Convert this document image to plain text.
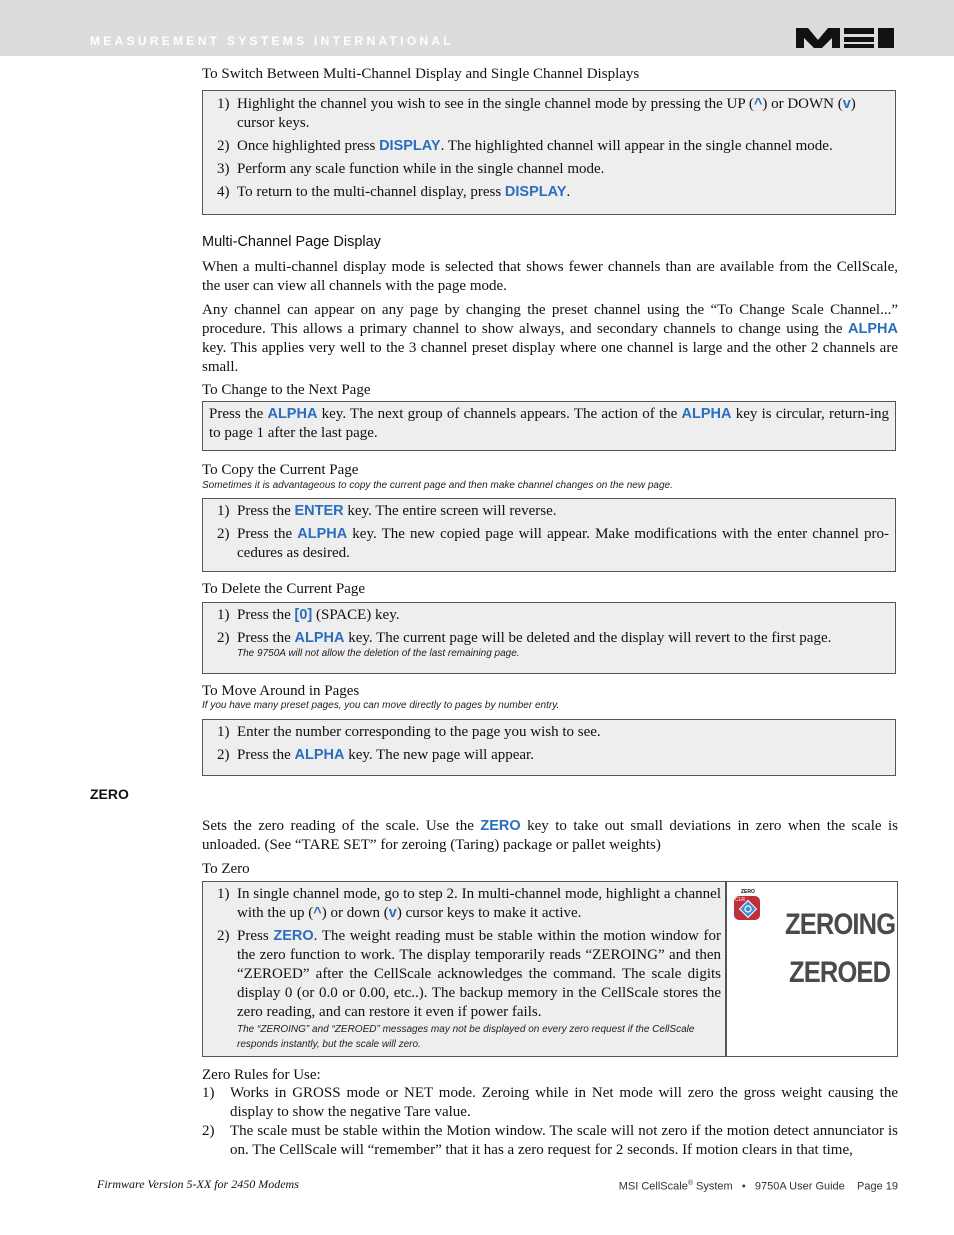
MEASUREMENT SYSTEMS INTERNATIONAL
To Switch Between Multi-Channel Display and Single Channel Displays
1) Highlight the channel you wish to see in the single channel mode by pressing the UP (^) or DOWN (v) cursor keys.
2) Once highlighted press DISPLAY. The highlighted channel will appear in the single channel mode.
3) Perform any scale function while in the single channel mode.
4) To return to the multi-channel display, press DISPLAY.
Multi-Channel Page Display
When a multi-channel display mode is selected that shows fewer channels than are available from the CellScale, the user can view all channels with the page mode.
Any channel can appear on any page by changing the preset channel using the “To Change Scale Channel...” procedure. This allows a primary channel to show always, and secondary channels to change using the ALPHA key. This applies very well to the 3 channel preset display where one channel is large and the other 2 channels are small.
To Change to the Next Page
Press the ALPHA key. The next group of channels appears. The action of the ALPHA key is circular, return-ing to page 1 after the last page.
To Copy the Current Page
Sometimes it is advantageous to copy the current page and then make channel changes on the new page.
1) Press the ENTER key. The entire screen will reverse.
2) Press the ALPHA key. The new copied page will appear. Make modifications with the enter channel pro-cedures as desired.
To Delete the Current Page
1) Press the [0] (SPACE) key.
2) Press the ALPHA key. The current page will be deleted and the display will revert to the first page.
The 9750A will not allow the deletion of the last remaining page.
To Move Around in Pages
If you have many preset pages, you can move directly to pages by number entry.
1) Enter the number corresponding to the page you wish to see.
2) Press the ALPHA key. The new page will appear.
ZERO
Sets the zero reading of the scale. Use the ZERO key to take out small deviations in zero when the scale is unloaded. (See “TARE SET” for zeroing (Taring) package or pallet weights)
To Zero
1) In single channel mode, go to step 2. In multi-channel mode, highlight a channel with the up (^) or down (v) cursor keys to make it active.
2) Press ZERO. The weight reading must be stable within the motion window for the zero function to work. The display temporarily reads “ZEROING” and then “ZEROED” after the CellScale acknowledges the command. The scale digits display 0 (or 0.0 or 0.00, etc..). The backup memory in the CellScale stores the zero reading, and can restore it even if power fails.
The “ZEROING” and “ZEROED” messages may not be displayed on every zero request if the CellScale responds instantly, but the scale will zero.
ZERO
CLR
ZEROING
ZEROED
Zero Rules for Use:
1) Works in GROSS mode or NET mode. Zeroing while in Net mode will zero the gross weight causing the display to show the negative Tare value.
2) The scale must be stable within the Motion window. The scale will not zero if the motion detect annunciator is on. The CellScale will “remember” that it has a zero request for 2 seconds. If motion clears in that time,
Firmware Version 5-XX for 2450 Modems	MSI CellScale® System   •   9750A User Guide    Page 19
